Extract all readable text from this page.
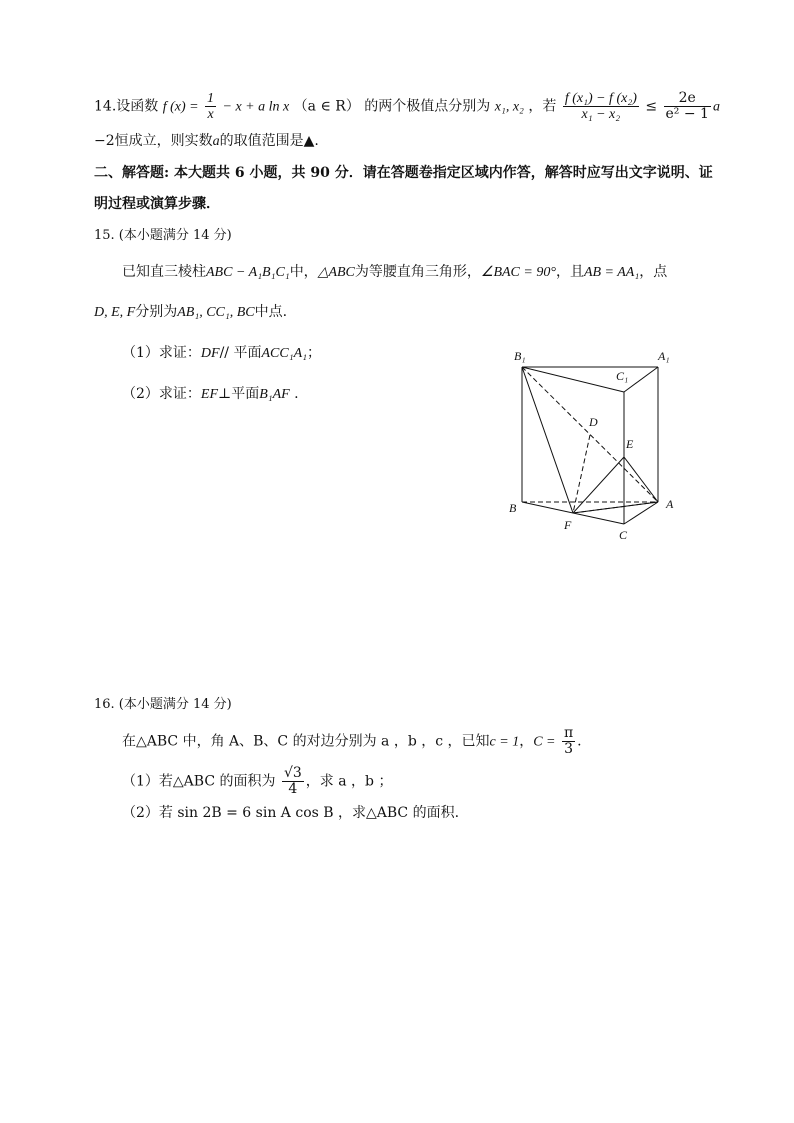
14.设函数 f $(x) = \frac{1}{x} - x + a$ ln x （a ∈ R） 的两个极值点分别为 x₁, x₂ ，若 $\frac{\text{f (x₁) − f (x₂)}}{\text{x₁ − x₂}} \le \frac{2e}{\text{e² − 1}}$ a
−2恒成立，则实数a的取值范围是▲.
二、解答题: 本大题共 6 小题，共 90 分．请在答题卷指定区域内作答，解答时应写出文字说明、证
明过程或演算步骤．
15. (本小题满分 14 分)
已知直三棱柱ABC − A₁B₁C₁中，△ABC为等腰直角三角形，∠BAC = 90°，且AB = AA₁，点
D, E, F分别为AB₁, CC₁, BC中点.
（1）求证：DF// 平面ACC₁A₁；
（2）求证：EF⊥平面B₁AF .
B₁	A₁
C₁
D
E
B
F
C
A
16. (本小题满分 14 分)
在△ABC 中，角 A、B、C 的对边分别为 a ，b ，c ，已知c = 1，$C = \frac{\pi}{3}$ .
（1）若△ABC 的面积为 $\frac{√3}{4}$ ，求 a ，b ；
（2）若 sin 2B = 6 sin A cos B ，求△ABC 的面积.
